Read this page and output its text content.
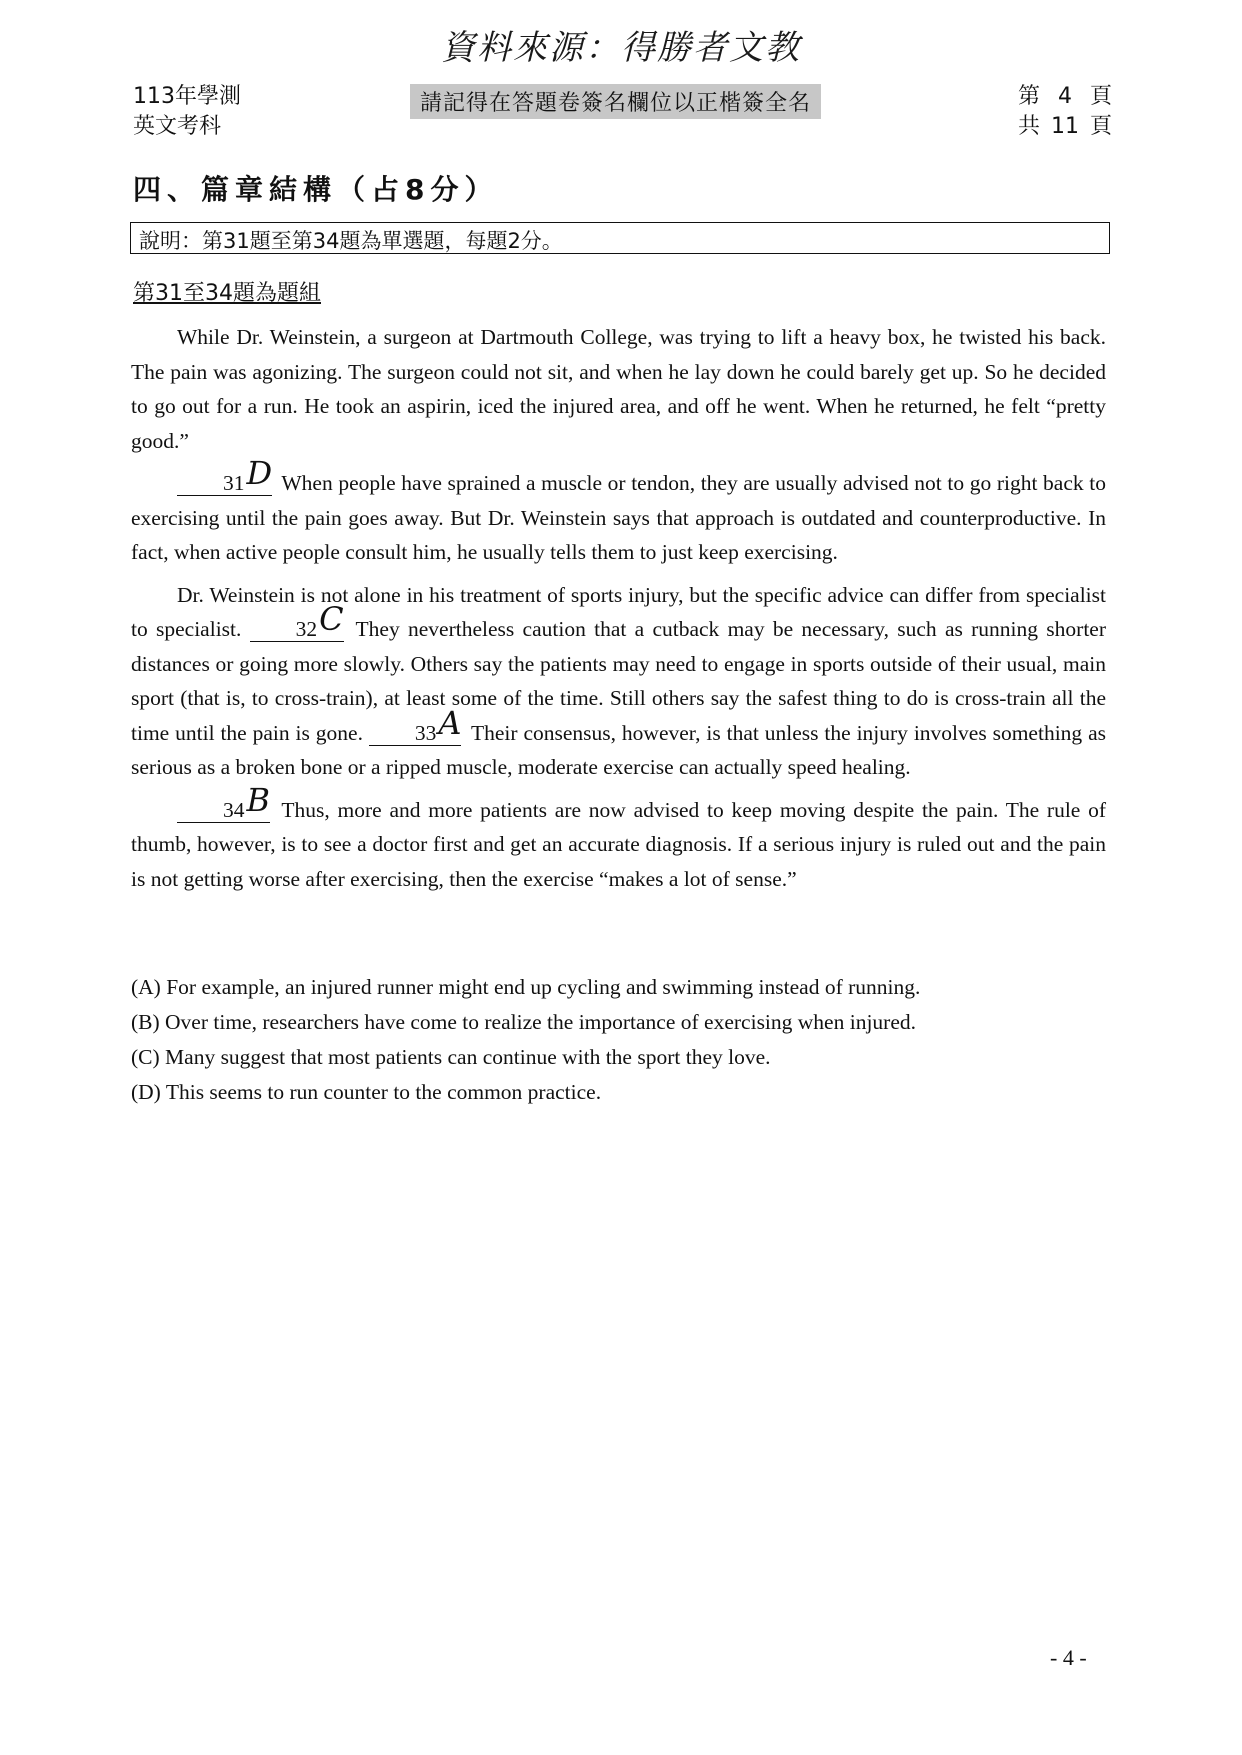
資料來源：得勝者文教
113年學測
英文考科
請記得在答題卷簽名欄位以正楷簽全名	第 4 頁
共 11 頁
四、篇章結構（占8分）
說明：第31題至第34題為單選題，每題2分。
第31至34題為題組

While Dr. Weinstein, a surgeon at Dartmouth College, was trying to lift a heavy box, he twisted his back. The pain was agonizing. The surgeon could not sit, and when he lay down he could barely get up. So he decided to go out for a run. He took an aspirin, iced the injured area, and off he went. When he returned, he felt “pretty good.”

31D When people have sprained a muscle or tendon, they are usually advised not to go right back to exercising until the pain goes away. But Dr. Weinstein says that approach is outdated and counterproductive. In fact, when active people consult him, he usually tells them to just keep exercising.

Dr. Weinstein is not alone in his treatment of sports injury, but the specific advice can differ from specialist to specialist. 32C They nevertheless caution that a cutback may be necessary, such as running shorter distances or going more slowly. Others say the patients may need to engage in sports outside of their usual, main sport (that is, to cross-train), at least some of the time. Still others say the safest thing to do is cross-train all the time until the pain is gone. 33A Their consensus, however, is that unless the injury involves something as serious as a broken bone or a ripped muscle, moderate exercise can actually speed healing.

34B Thus, more and more patients are now advised to keep moving despite the pain. The rule of thumb, however, is to see a doctor first and get an accurate diagnosis. If a serious injury is ruled out and the pain is not getting worse after exercising, then the exercise “makes a lot of sense.”

(A) For example, an injured runner might end up cycling and swimming instead of running.
(B) Over time, researchers have come to realize the importance of exercising when injured.
(C) Many suggest that most patients can continue with the sport they love.
(D) This seems to run counter to the common practice.
- 4 -
